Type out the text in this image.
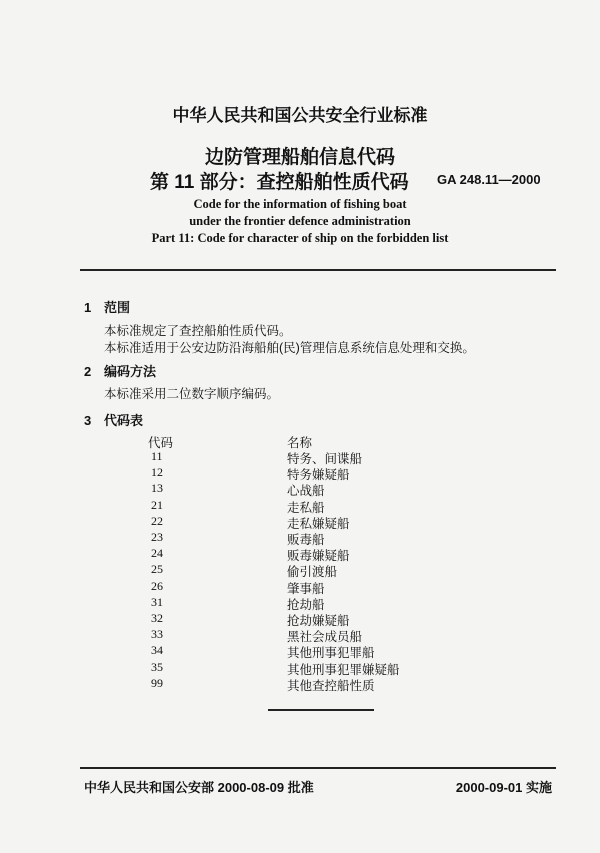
中华人民共和国公共安全行业标准
边防管理船舶信息代码
第 11 部分：查控船舶性质代码 GA 248.11—2000
Code for the information of fishing boat
under the frontier defence administration
Part 11: Code for character of ship on the forbidden list
1 范围
本标准规定了查控船舶性质代码。
本标准适用于公安边防沿海船舶(民)管理信息系统信息处理和交换。
2 编码方法
本标准采用二位数字顺序编码。
3 代码表
代码	名称
11	特务、间谍船
12	特务嫌疑船
13	心战船
21	走私船
22	走私嫌疑船
23	贩毒船
24	贩毒嫌疑船
25	偷引渡船
26	肇事船
31	抢劫船
32	抢劫嫌疑船
33	黑社会成员船
34	其他刑事犯罪船
35	其他刑事犯罪嫌疑船
99	其他查控船性质
中华人民共和国公安部 2000-08-09 批准	2000-09-01 实施
